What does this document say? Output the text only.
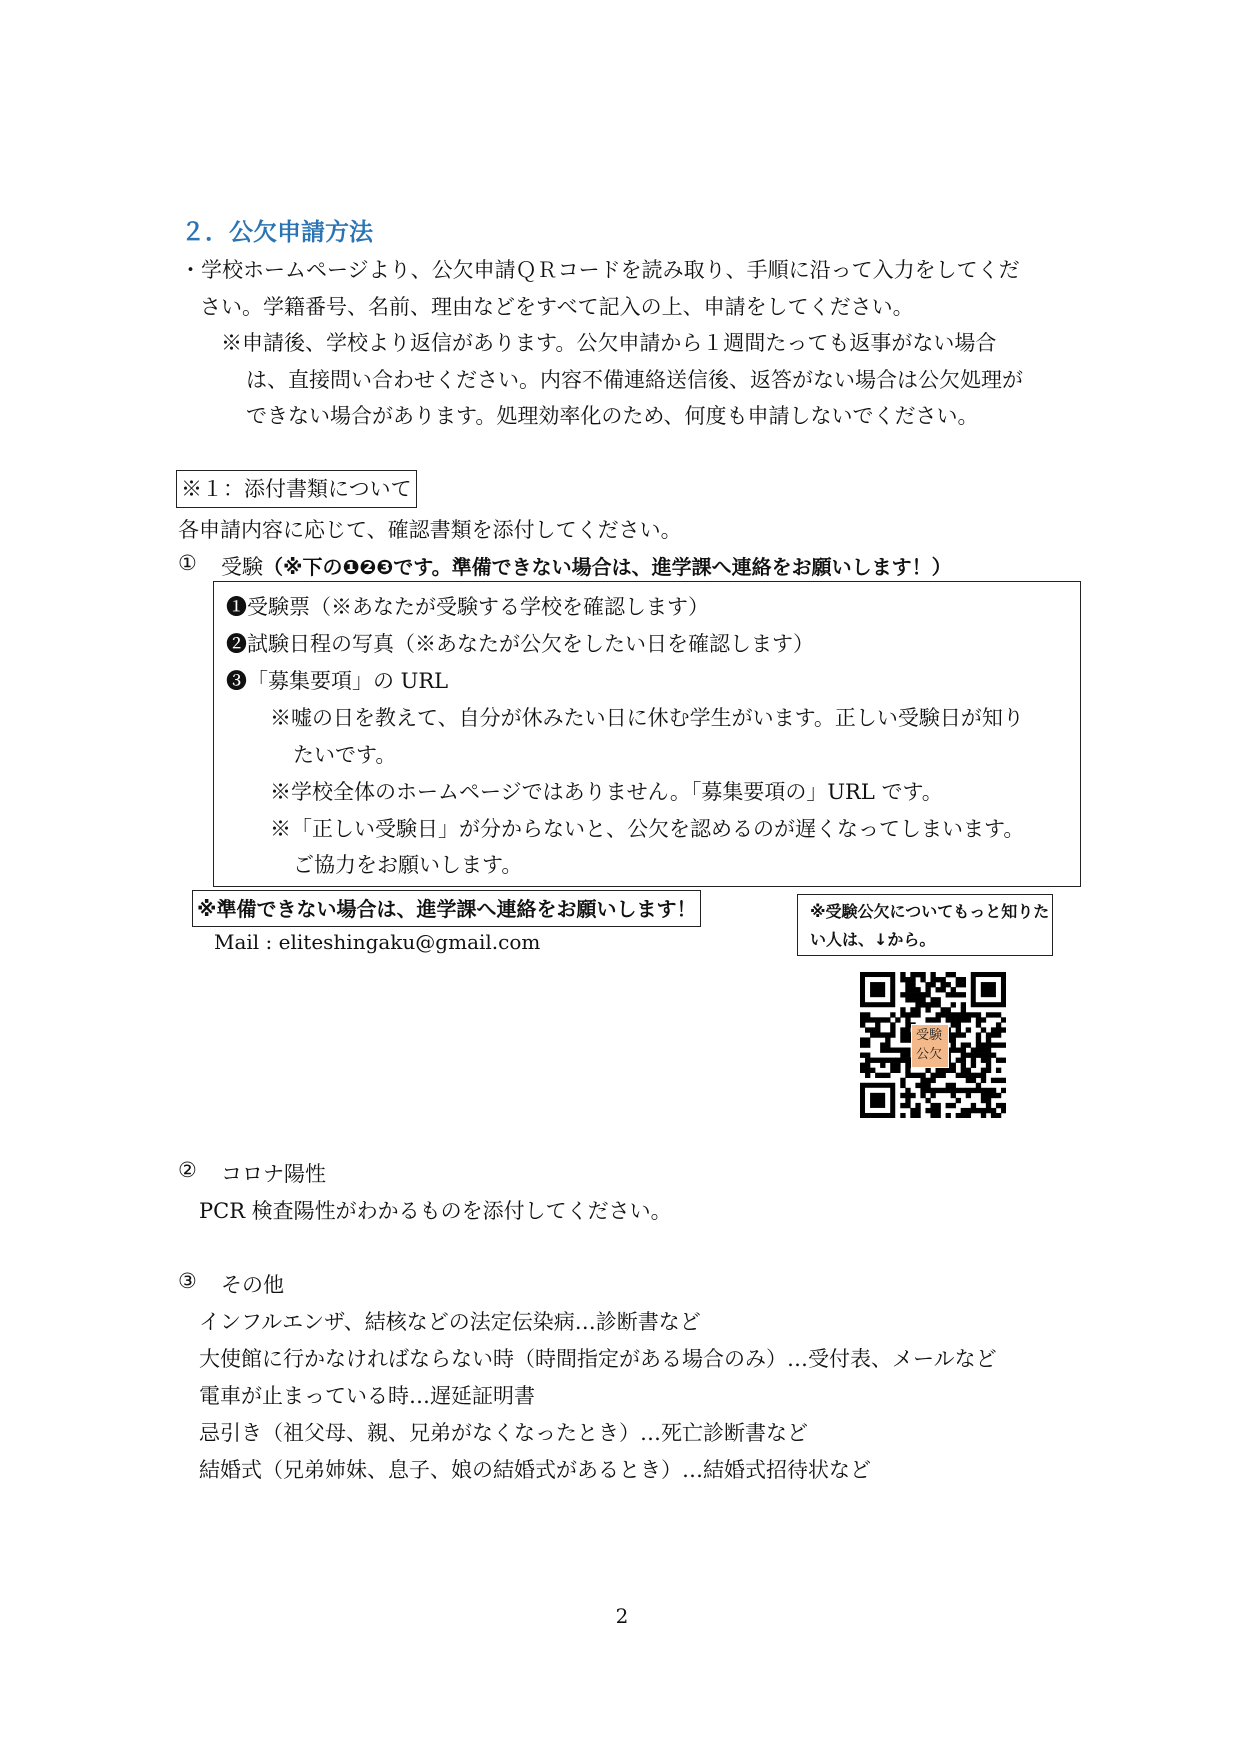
２．公欠申請方法
・学校ホームページより、公欠申請ＱＲコードを読み取り、手順に沿って入力をしてくだ
さい。学籍番号、名前、理由などをすべて記入の上、申請をしてください。
※申請後、学校より返信があります。公欠申請から１週間たっても返事がない場合
は、直接問い合わせください。内容不備連絡送信後、返答がない場合は公欠処理が
できない場合があります。処理効率化のため、何度も申請しないでください。
※１：添付書類について
各申請内容に応じて、確認書類を添付してください。
① 受験（※下の❶❷❸です。準備できない場合は、進学課へ連絡をお願いします！）
❶受験票（※あなたが受験する学校を確認します）
❷試験日程の写真（※あなたが公欠をしたい日を確認します）
❸「募集要項」の URL
※嘘の日を教えて、自分が休みたい日に休む学生がいます。正しい受験日が知り
たいです。
※学校全体のホームページではありません。「募集要項の」URL です。
※「正しい受験日」が分からないと、公欠を認めるのが遅くなってしまいます。
ご協力をお願いします。
※準備できない場合は、進学課へ連絡をお願いします！
Mail : eliteshingaku@gmail.com
※受験公欠についてもっと知りたい人は、↓から。
受験
公欠
② コロナ陽性
PCR 検査陽性がわかるものを添付してください。
③ その他
インフルエンザ、結核などの法定伝染病…診断書など
大使館に行かなければならない時（時間指定がある場合のみ）…受付表、メールなど
電車が止まっている時…遅延証明書
忌引き（祖父母、親、兄弟がなくなったとき）…死亡診断書など
結婚式（兄弟姉妹、息子、娘の結婚式があるとき）…結婚式招待状など
2
